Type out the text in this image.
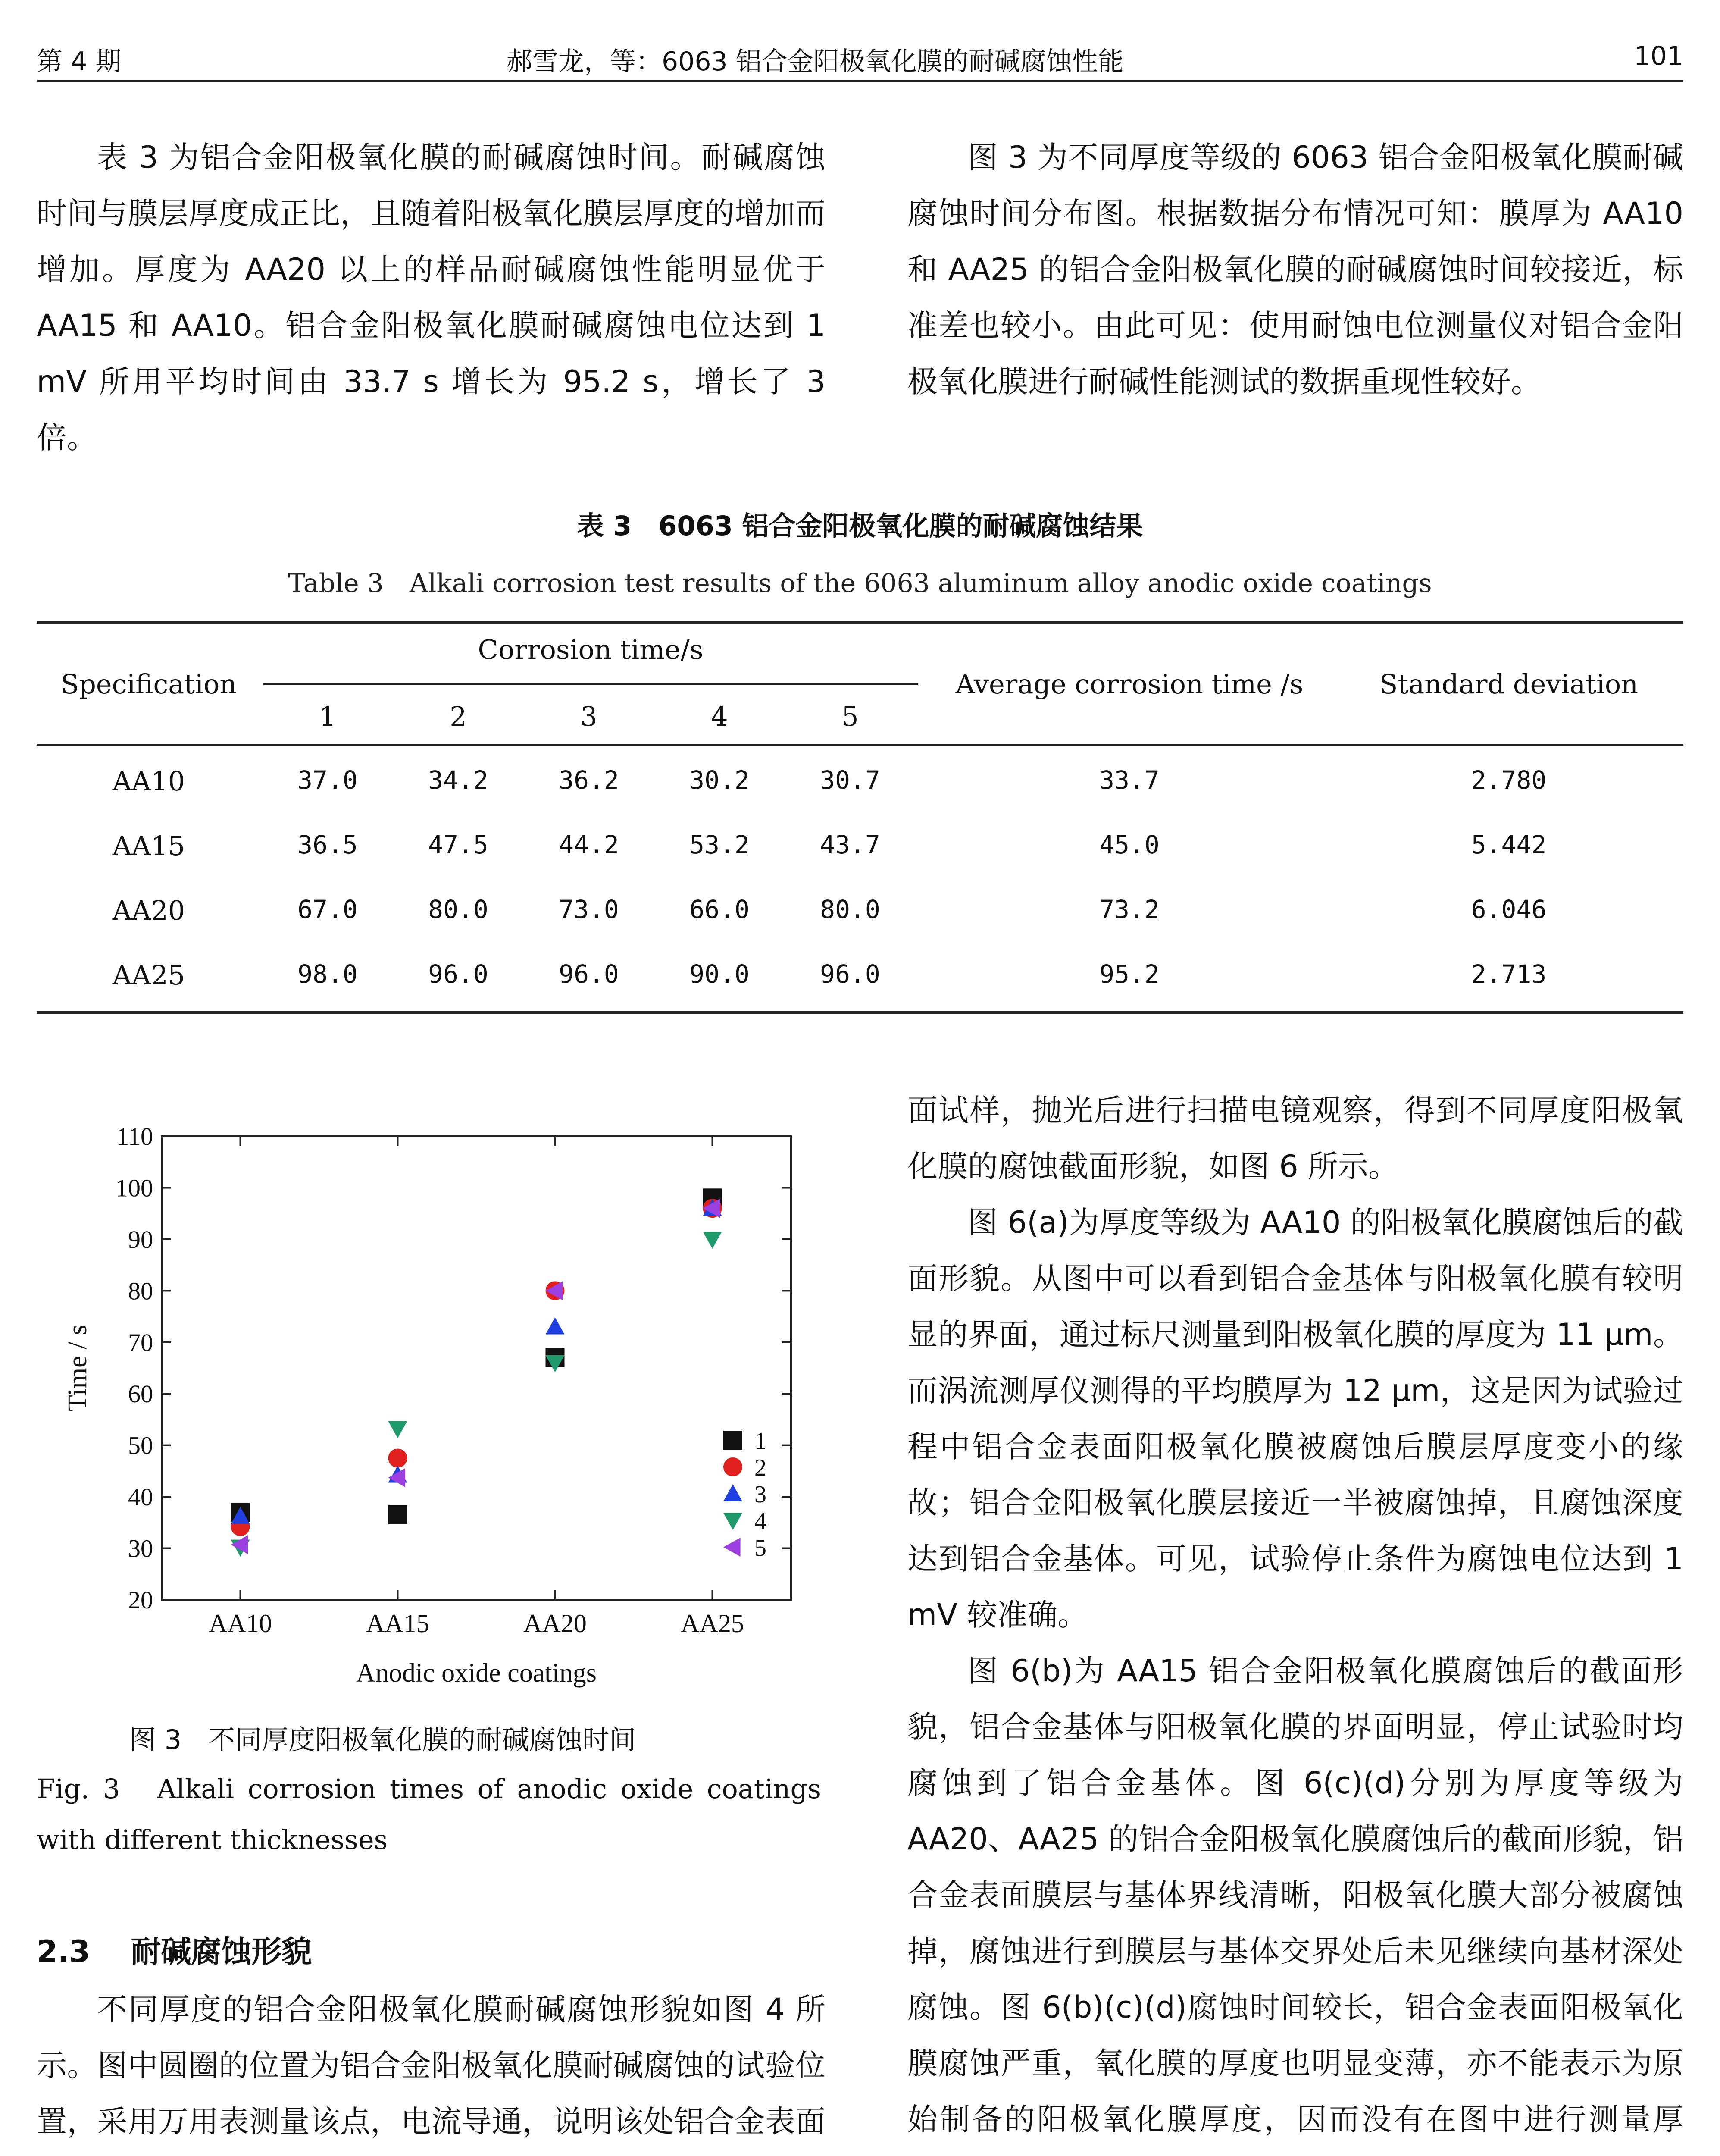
第 4 期	郝雪龙，等：6063 铝合金阳极氧化膜的耐碱腐蚀性能	101

表 3 为铝合金阳极氧化膜的耐碱腐蚀时间。耐碱腐蚀时间与膜层厚度成正比，且随着阳极氧化膜层厚度的增加而增加。厚度为 AA20 以上的样品耐碱腐蚀性能明显优于 AA15 和 AA10。铝合金阳极氧化膜耐碱腐蚀电位达到 1 mV 所用平均时间由 33.7 s 增长为 95.2 s，增长了 3 倍。

图 3 为不同厚度等级的 6063 铝合金阳极氧化膜耐碱腐蚀时间分布图。根据数据分布情况可知：膜厚为 AA10 和 AA25 的铝合金阳极氧化膜的耐碱腐蚀时间较接近，标准差也较小。由此可见：使用耐蚀电位测量仪对铝合金阳极氧化膜进行耐碱性能测试的数据重现性较好。

表 3　6063 铝合金阳极氧化膜的耐碱腐蚀结果
Table 3　Alkali corrosion test results of the 6063 aluminum alloy anodic oxide coatings
Specification
Corrosion time/s
1	2	3	4	5
Average corrosion time /s	Standard deviation
AA10	37.0	34.2	36.2	30.2	30.7	33.7	2.780
AA15	36.5	47.5	44.2	53.2	43.7	45.0	5.442
AA20	67.0	80.0	73.0	66.0	80.0	73.2	6.046
AA25	98.0	96.0	96.0	90.0	96.0	95.2	2.713
20
30
40
50
60
70
80
90
100
110
AA10	AA15	AA20	AA25
Anodic oxide coatings
Time / s
1
2
3
4
5
图 3　不同厚度阳极氧化膜的耐碱腐蚀时间
Fig. 3　Alkali corrosion times of anodic oxide coatings with different thicknesses
2.3 耐碱腐蚀形貌

不同厚度的铝合金阳极氧化膜耐碱腐蚀形貌如图 4 所示。图中圆圈的位置为铝合金阳极氧化膜耐碱腐蚀的试验位置，采用万用表测量该点，电流导通，说明该处铝合金表面

面试样，抛光后进行扫描电镜观察，得到不同厚度阳极氧化膜的腐蚀截面形貌，如图 6 所示。

图 6(a)为厚度等级为 AA10 的阳极氧化膜腐蚀后的截面形貌。从图中可以看到铝合金基体与阳极氧化膜有较明显的界面，通过标尺测量到阳极氧化膜的厚度为 11 μm。而涡流测厚仪测得的平均膜厚为 12 μm，这是因为试验过程中铝合金表面阳极氧化膜被腐蚀后膜层厚度变小的缘故；铝合金阳极氧化膜层接近一半被腐蚀掉，且腐蚀深度达到铝合金基体。可见，试验停止条件为腐蚀电位达到 1 mV 较准确。

图 6(b)为 AA15 铝合金阳极氧化膜腐蚀后的截面形貌，铝合金基体与阳极氧化膜的界面明显，停止试验时均腐蚀到了铝合金基体。图 6(c)(d)分别为厚度等级为 AA20、AA25 的铝合金阳极氧化膜腐蚀后的截面形貌，铝合金表面膜层与基体界线清晰，阳极氧化膜大部分被腐蚀掉，腐蚀进行到膜层与基体交界处后未见继续向基材深处腐蚀。图 6(b)(c)(d)腐蚀时间较长，铝合金表面阳极氧化膜腐蚀严重，氧化膜的厚度也明显变薄，亦不能表示为原始制备的阳极氧化膜厚度，因而没有在图中进行测量厚
